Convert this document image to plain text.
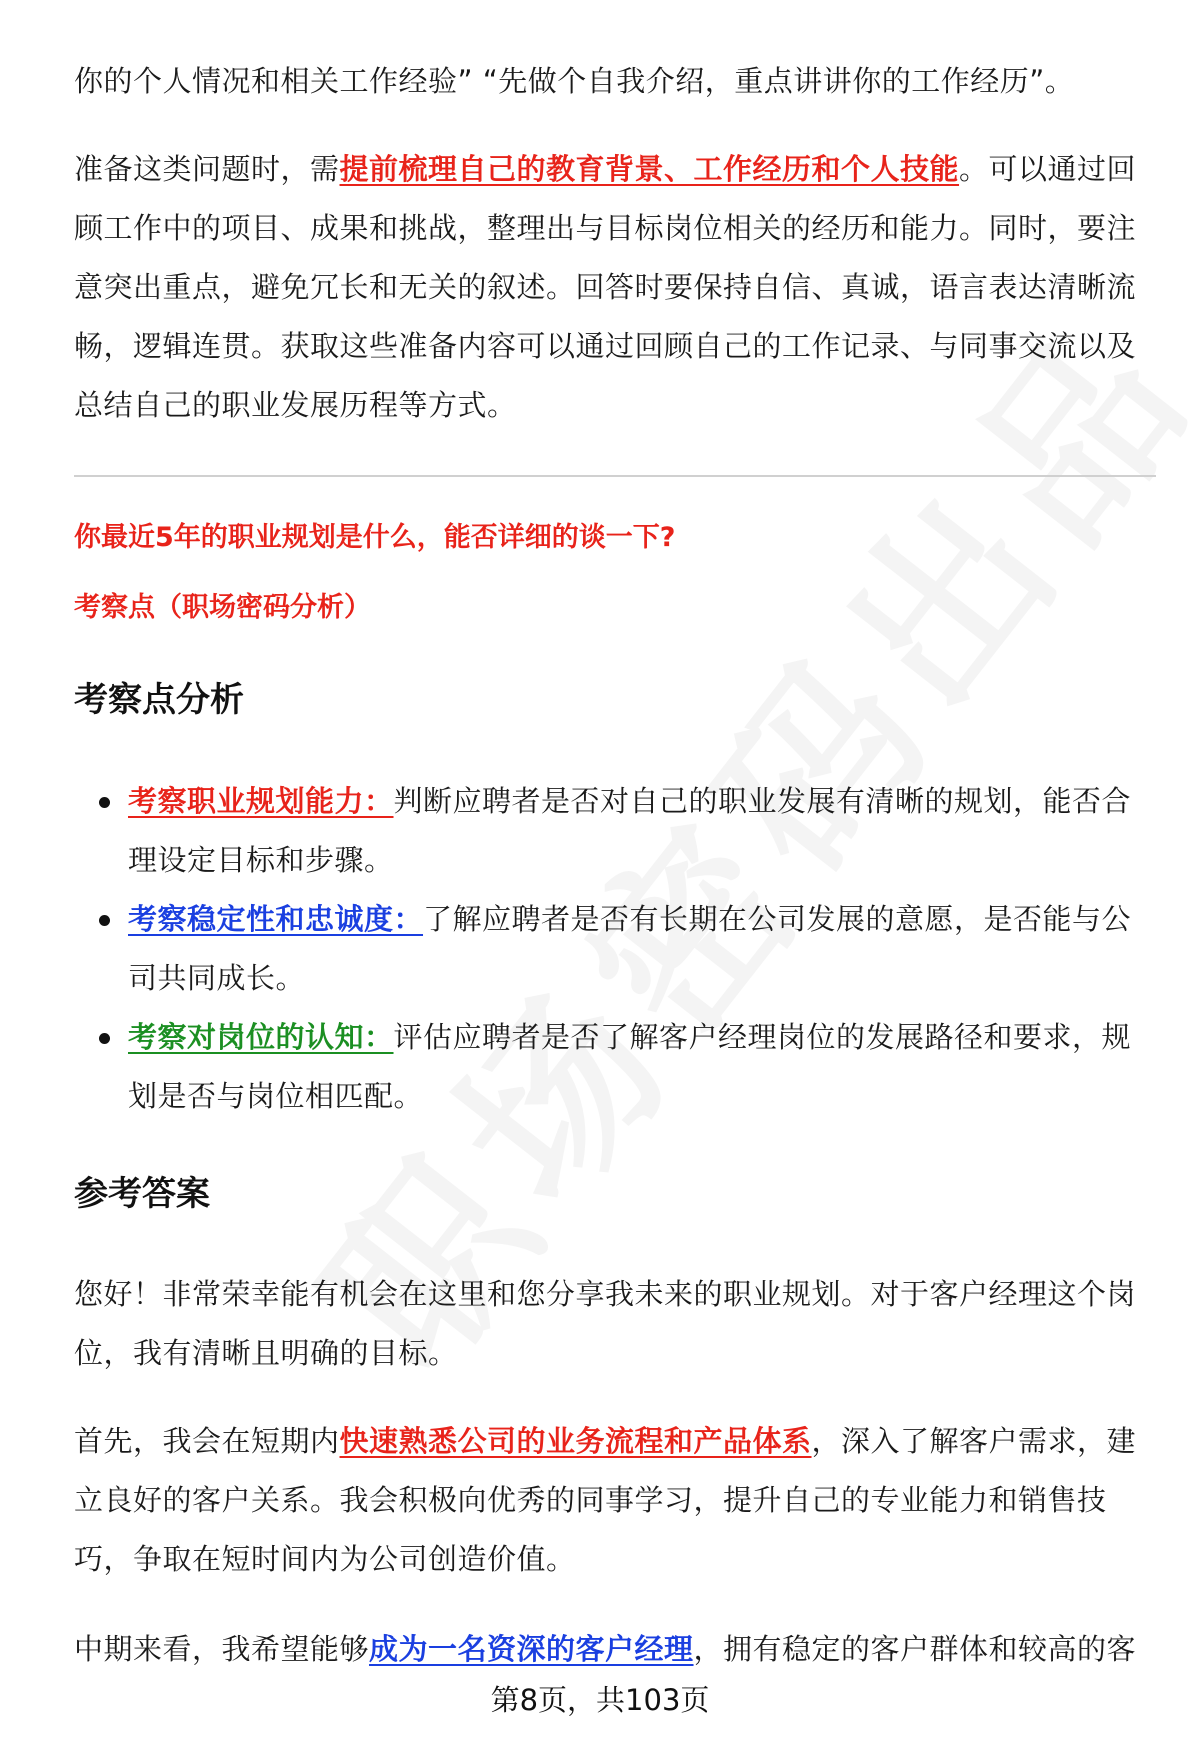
你的个人情况和相关工作经验” “先做个自我介绍，重点讲讲你的工作经历”。

准备这类问题时，需提前梳理自己的教育背景、工作经历和个人技能。可以通过回顾工作中的项目、成果和挑战，整理出与目标岗位相关的经历和能力。同时，要注意突出重点，避免冗长和无关的叙述。回答时要保持自信、真诚，语言表达清晰流畅，逻辑连贯。获取这些准备内容可以通过回顾自己的工作记录、与同事交流以及总结自己的职业发展历程等方式。

你最近5年的职业规划是什么，能否详细的谈一下?
考察点（职场密码分析）
考察点分析
考察职业规划能力：判断应聘者是否对自己的职业发展有清晰的规划，能否合理设定目标和步骤。
考察稳定性和忠诚度：了解应聘者是否有长期在公司发展的意愿，是否能与公司共同成长。
考察对岗位的认知：评估应聘者是否了解客户经理岗位的发展路径和要求，规划是否与岗位相匹配。
参考答案

您好！非常荣幸能有机会在这里和您分享我未来的职业规划。对于客户经理这个岗位，我有清晰且明确的目标。

首先，我会在短期内快速熟悉公司的业务流程和产品体系，深入了解客户需求，建立良好的客户关系。我会积极向优秀的同事学习，提升自己的专业能力和销售技巧，争取在短时间内为公司创造价值。

中期来看，我希望能够成为一名资深的客户经理，拥有稳定的客户群体和较高的客

第8页，共103页
